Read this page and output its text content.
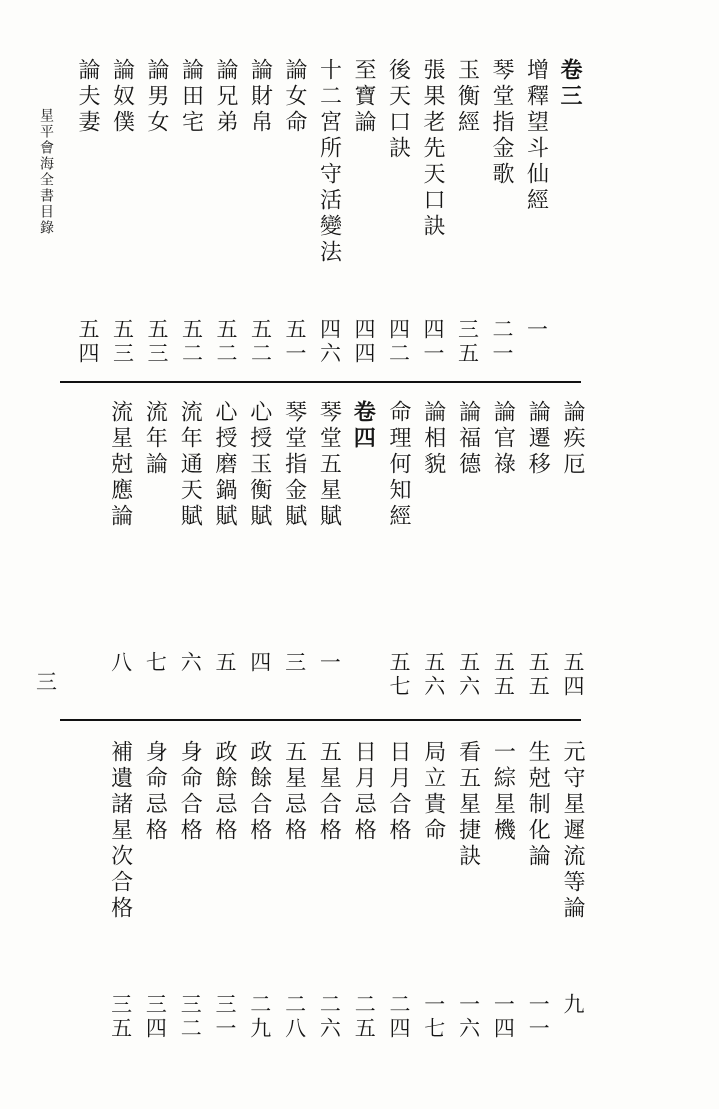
星平會海全書目錄
卷三
增釋望斗仙經
一
琴堂指金歌
二一
玉衡經
三五
張果老先天口訣
四一
後天口訣
四二
至寶論
四四
十二宮所守活變法
四六
論女命
五一
論財帛
五二
論兄弟
五二
論田宅
五二
論男女
五三
論奴僕
五三
論夫妻
五四
論疾厄
五四
論遷移
五五
論官祿
五五
論福德
五六
論相貌
五六
命理何知經
五七
卷四
琴堂五星賦
一
琴堂指金賦
三
心授玉衡賦
四
心授磨鍋賦
五
流年通天賦
六
流年論
七
流星尅應論
八
元守星遲流等論
九
生尅制化論
一一
一綜星機
一四
看五星捷訣
一六
局立貴命
一七
日月合格
二四
日月忌格
二五
五星合格
二六
五星忌格
二八
政餘合格
二九
政餘忌格
三一
身命合格
三二
身命忌格
三四
補遺諸星次合格
三五
三
